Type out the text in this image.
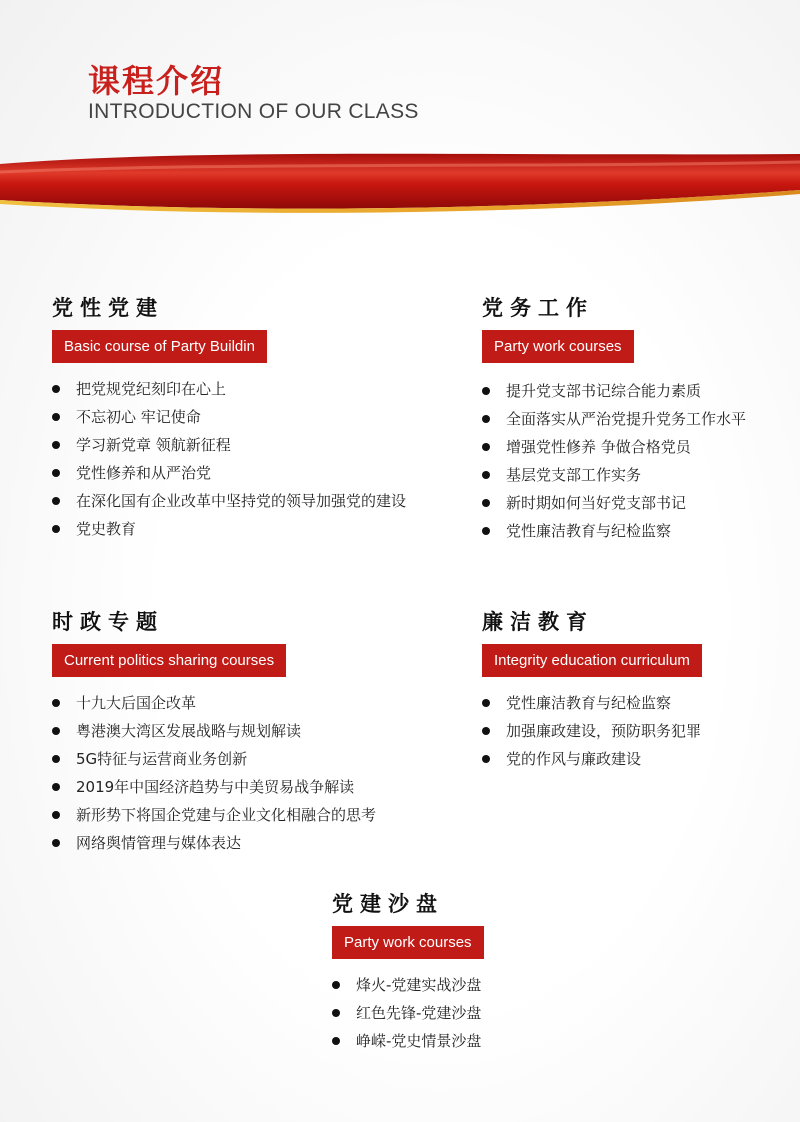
课程介绍
INTRODUCTION OF OUR CLASS
党性党建
Basic course of Party Buildin
把党规党纪刻印在心上
不忘初心 牢记使命
学习新党章 领航新征程
党性修养和从严治党
在深化国有企业改革中坚持党的领导加强党的建设
党史教育
党务工作
Party work courses
提升党支部书记综合能力素质
全面落实从严治党提升党务工作水平
增强党性修养 争做合格党员
基层党支部工作实务
新时期如何当好党支部书记
党性廉洁教育与纪检监察
时政专题
Current politics sharing courses
十九大后国企改革
粤港澳大湾区发展战略与规划解读
5G特征与运营商业务创新
2019年中国经济趋势与中美贸易战争解读
新形势下将国企党建与企业文化相融合的思考
网络舆情管理与媒体表达
廉洁教育
Integrity education curriculum
党性廉洁教育与纪检监察
加强廉政建设，预防职务犯罪
党的作风与廉政建设
党建沙盘
Party work courses
烽火-党建实战沙盘
红色先锋-党建沙盘
峥嵘-党史情景沙盘
